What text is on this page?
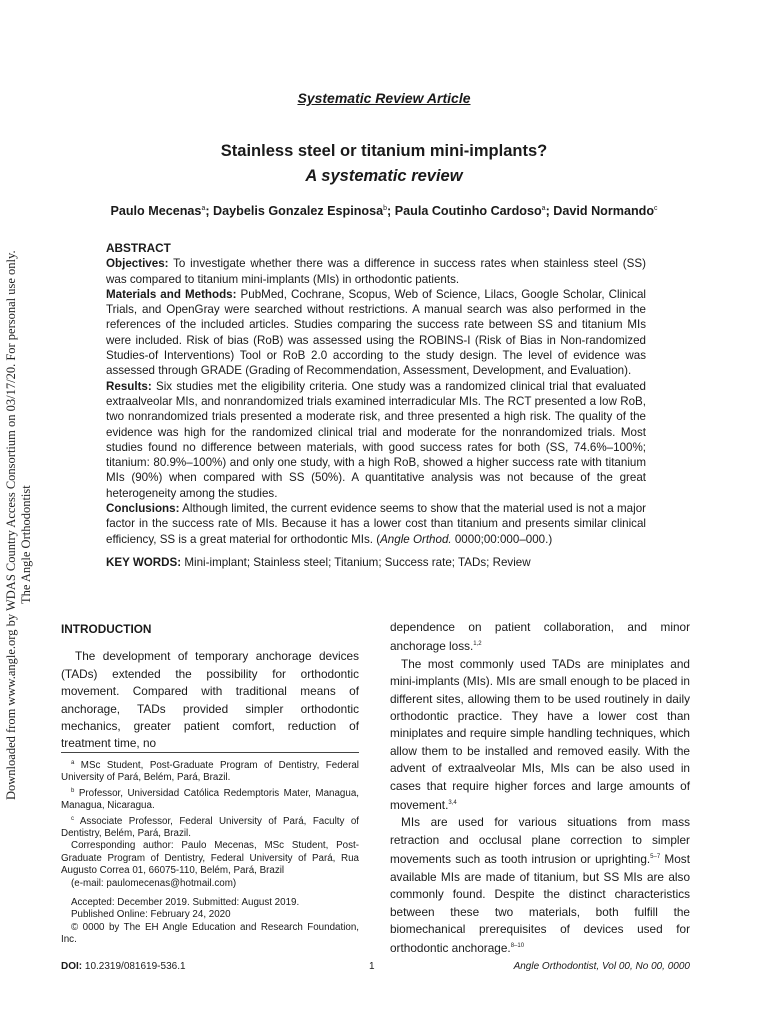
Downloaded from www.angle.org by WDAS Country Access Consortium on 03/17/20. For personal use only. The Angle Orthodontist
Systematic Review Article
Stainless steel or titanium mini-implants?
A systematic review
Paulo Mecenas$^a$; Daybelis Gonzalez Espinosa$^b$; Paula Coutinho Cardoso$^a$; David Normando$^c$
ABSTRACT

Objectives: To investigate whether there was a difference in success rates when stainless steel (SS) was compared to titanium mini-implants (MIs) in orthodontic patients.

Materials and Methods: PubMed, Cochrane, Scopus, Web of Science, Lilacs, Google Scholar, Clinical Trials, and OpenGray were searched without restrictions. A manual search was also performed in the references of the included articles. Studies comparing the success rate between SS and titanium MIs were included. Risk of bias (RoB) was assessed using the ROBINS-I (Risk of Bias in Non-randomized Studies-of Interventions) Tool or RoB 2.0 according to the study design. The level of evidence was assessed through GRADE (Grading of Recommendation, Assessment, Development, and Evaluation).

Results: Six studies met the eligibility criteria. One study was a randomized clinical trial that evaluated extraalveolar MIs, and nonrandomized trials examined interradicular MIs. The RCT presented a low RoB, two nonrandomized trials presented a moderate risk, and three presented a high risk. The quality of the evidence was high for the randomized clinical trial and moderate for the nonrandomized trials. Most studies found no difference between materials, with good success rates for both (SS, 74.6%–100%; titanium: 80.9%–100%) and only one study, with a high RoB, showed a higher success rate with titanium MIs (90%) when compared with SS (50%). A quantitative analysis was not because of the great heterogeneity among the studies.

Conclusions: Although limited, the current evidence seems to show that the material used is not a major factor in the success rate of MIs. Because it has a lower cost than titanium and presents similar clinical efficiency, SS is a great material for orthodontic MIs. (Angle Orthod. 0000;00:000–000.)

KEY WORDS: Mini-implant; Stainless steel; Titanium; Success rate; TADs; Review

INTRODUCTION

The development of temporary anchorage devices (TADs) extended the possibility for orthodontic movement. Compared with traditional means of anchorage, TADs provided simpler orthodontic mechanics, greater patient comfort, reduction of treatment time, no

$^a$ MSc Student, Post-Graduate Program of Dentistry, Federal University of Pará, Belém, Pará, Brazil.

$^b$ Professor, Universidad Católica Redemptoris Mater, Managua, Managua, Nicaragua.

$^c$ Associate Professor, Federal University of Pará, Faculty of Dentistry, Belém, Pará, Brazil.

Corresponding author: Paulo Mecenas, MSc Student, Post-Graduate Program of Dentistry, Federal University of Pará, Rua Augusto Correa 01, 66075-110, Belém, Pará, Brazil

(e-mail: paulomecenas@hotmail.com)

Accepted: December 2019. Submitted: August 2019.

Published Online: February 24, 2020

© 0000 by The EH Angle Education and Research Foundation, Inc.

dependence on patient collaboration, and minor anchorage loss.$^{1,2}$

The most commonly used TADs are miniplates and mini-implants (MIs). MIs are small enough to be placed in different sites, allowing them to be used routinely in daily orthodontic practice. They have a lower cost than miniplates and require simple handling techniques, which allow them to be installed and removed easily. With the advent of extraalveolar MIs, MIs can be also used in cases that require higher forces and large amounts of movement.$^{3,4}$

MIs are used for various situations from mass retraction and occlusal plane correction to simpler movements such as tooth intrusion or uprighting.$^{5-7}$ Most available MIs are made of titanium, but SS MIs are also commonly found. Despite the distinct characteristics between these two materials, both fulfill the biomechanical prerequisites of devices used for orthodontic anchorage.$^{8-10}$

DOI: 10.2319/081619-536.1	1	Angle Orthodontist, Vol 00, No 00, 0000
